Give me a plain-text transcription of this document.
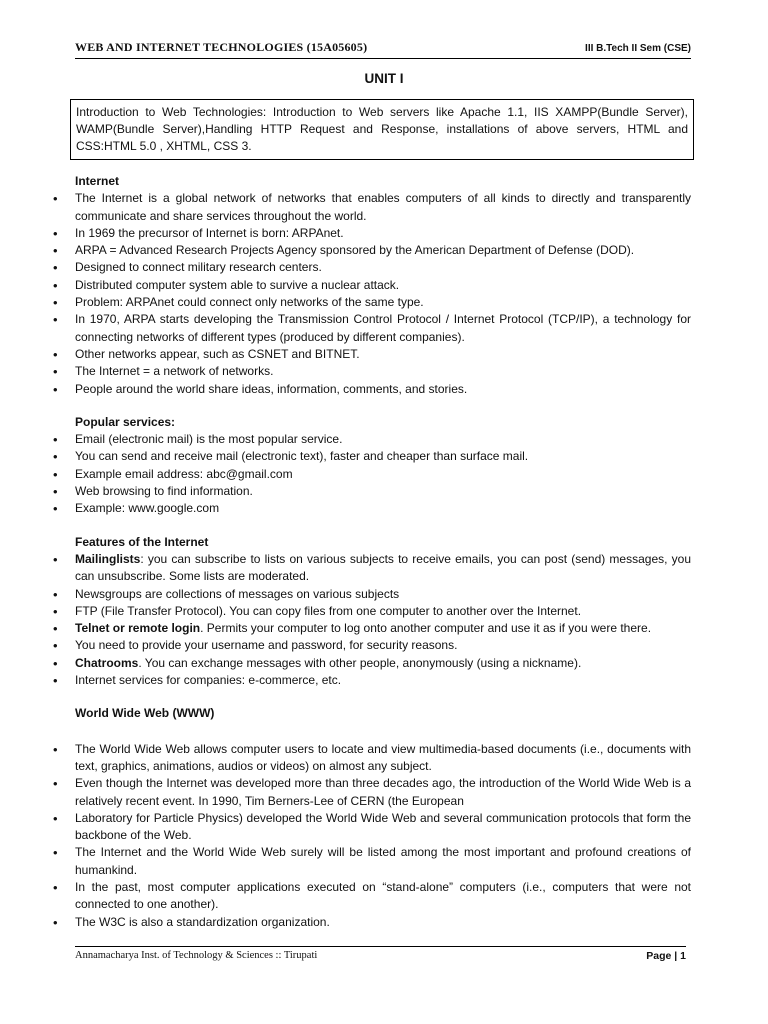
WEB AND INTERNET TECHNOLOGIES (15A05605)	III B.Tech II Sem (CSE)
UNIT I
Introduction to Web Technologies: Introduction to Web servers like Apache 1.1, IIS XAMPP(Bundle Server), WAMP(Bundle Server),Handling HTTP Request and Response, installations of above servers, HTML and CSS:HTML 5.0 , XHTML, CSS 3.
Internet
• The Internet is a global network of networks that enables computers of all kinds to directly and transparently communicate and share services throughout the world.
• In 1969 the precursor of Internet is born: ARPAnet.
• ARPA = Advanced Research Projects Agency sponsored by the American Department of Defense (DOD).
• Designed to connect military research centers.
• Distributed computer system able to survive a nuclear attack.
• Problem: ARPAnet could connect only networks of the same type.
• In 1970, ARPA starts developing the Transmission Control Protocol / Internet Protocol (TCP/IP), a technology for connecting networks of different types (produced by different companies).
• Other networks appear, such as CSNET and BITNET.
• The Internet = a network of networks.
• People around the world share ideas, information, comments, and stories.
Popular services:
• Email (electronic mail) is the most popular service.
• You can send and receive mail (electronic text), faster and cheaper than surface mail.
• Example email address: abc@gmail.com
• Web browsing to find information.
• Example: www.google.com
Features of the Internet
• Mailinglists: you can subscribe to lists on various subjects to receive emails, you can post (send) messages, you can unsubscribe. Some lists are moderated.
• Newsgroups are collections of messages on various subjects
• FTP (File Transfer Protocol). You can copy files from one computer to another over the Internet.
• Telnet or remote login. Permits your computer to log onto another computer and use it as if you were there.
• You need to provide your username and password, for security reasons.
• Chatrooms. You can exchange messages with other people, anonymously (using a nickname).
• Internet services for companies: e-commerce, etc.
World Wide Web (WWW)
• The World Wide Web allows computer users to locate and view multimedia-based documents (i.e., documents with text, graphics, animations, audios or videos) on almost any subject.
• Even though the Internet was developed more than three decades ago, the introduction of the World Wide Web is a relatively recent event. In 1990, Tim Berners-Lee of CERN (the European
• Laboratory for Particle Physics) developed the World Wide Web and several communication protocols that form the backbone of the Web.
• The Internet and the World Wide Web surely will be listed among the most important and profound creations of humankind.
• In the past, most computer applications executed on “stand-alone” computers (i.e., computers that were not connected to one another).
• The W3C is also a standardization organization.
Annamacharya Inst. of Technology & Sciences :: Tirupati	Page | 1
